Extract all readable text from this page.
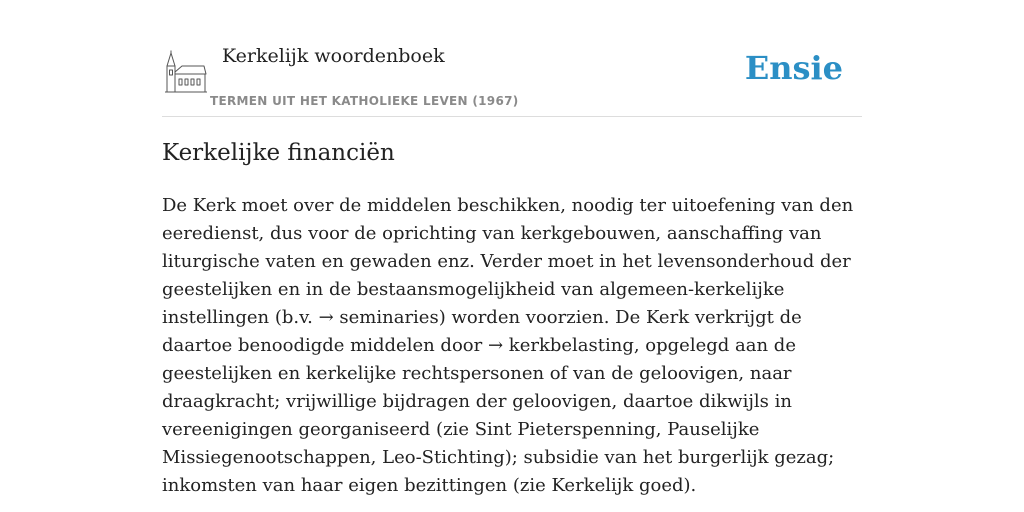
Kerkelijk woordenboek
TERMEN UIT HET KATHOLIEKE LEVEN (1967)
Ensie
Kerkelijke financiën

De Kerk moet over de middelen beschikken, noodig ter uitoefening van den eeredienst, dus voor de oprichting van kerkgebouwen, aanschaffing van liturgische vaten en gewaden enz. Verder moet in het levensonderhoud der geestelijken en in de bestaansmogelijkheid van algemeen-kerkelijke instellingen (b.v. → seminaries) worden voorzien. De Kerk verkrijgt de daartoe benoodigde middelen door → kerkbelasting, opgelegd aan de geestelijken en kerkelijke rechtspersonen of van de geloovigen, naar draagkracht; vrijwillige bijdragen der geloovigen, daartoe dikwijls in vereenigingen georganiseerd (zie Sint Pieterspenning, Pauselijke Missiegenootschappen, Leo-Stichting); subsidie van het burgerlijk gezag; inkomsten van haar eigen bezittingen (zie Kerkelijk goed).
